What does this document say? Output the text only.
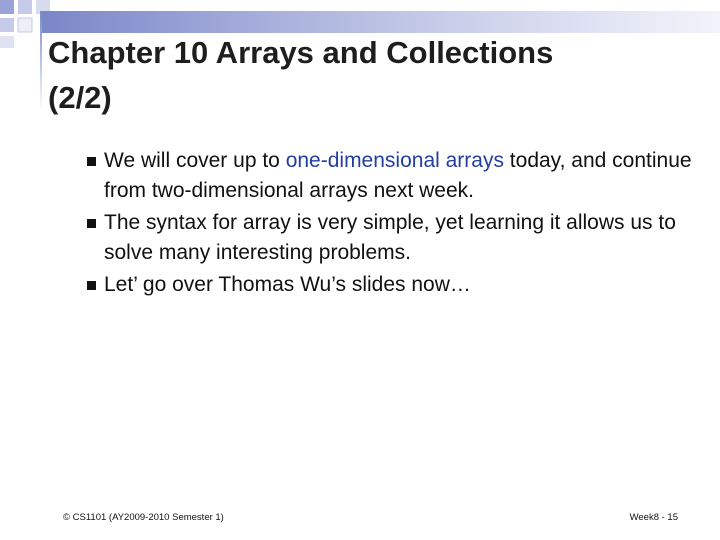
Chapter 10 Arrays and Collections
(2/2)
We will cover up to one-dimensional arrays today, and continue from two-dimensional arrays next week.
The syntax for array is very simple, yet learning it allows us to solve many interesting problems.
Let’ go over Thomas Wu’s slides now…
© CS1101 (AY2009-2010 Semester 1)	Week8 - 15
